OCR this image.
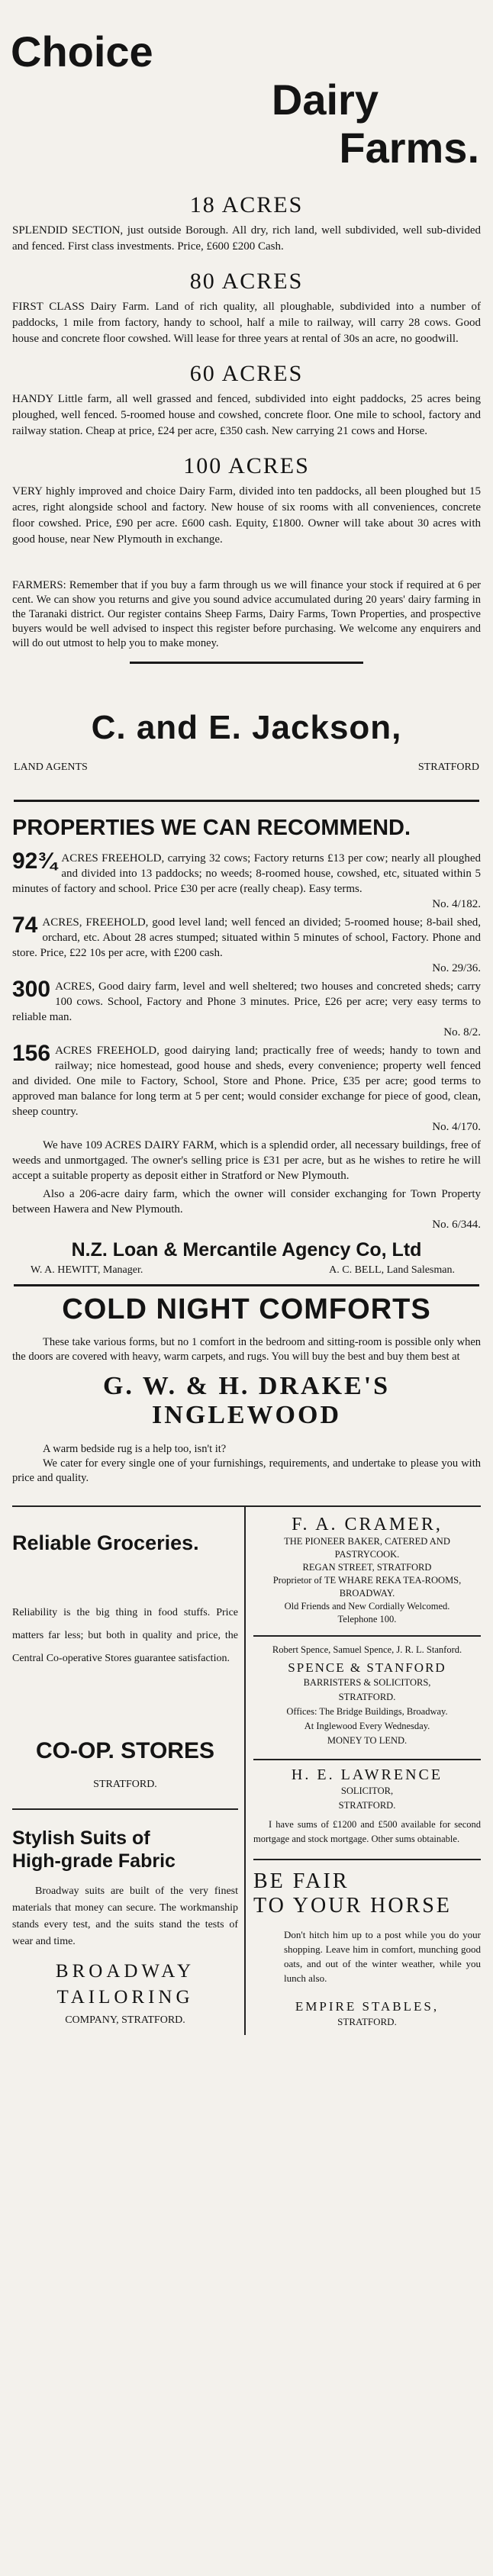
Choice
Dairy
Farms.
18 ACRES

SPLENDID SECTION, just outside Borough. All dry, rich land, well subdivided, well sub-divided and fenced. First class investments. Price, £600 £200 Cash.

80 ACRES

FIRST CLASS Dairy Farm. Land of rich quality, all ploughable, subdivided into a number of paddocks, 1 mile from factory, handy to school, half a mile to railway, will carry 28 cows. Good house and concrete floor cowshed. Will lease for three years at rental of 30s an acre, no goodwill.

60 ACRES

HANDY Little farm, all well grassed and fenced, subdivided into eight paddocks, 25 acres being ploughed, well fenced. 5-roomed house and cowshed, concrete floor. One mile to school, factory and railway station. Cheap at price, £24 per acre, £350 cash. New carrying 21 cows and Horse.

100 ACRES

VERY highly improved and choice Dairy Farm, divided into ten paddocks, all been ploughed but 15 acres, right alongside school and factory. New house of six rooms with all conveniences, concrete floor cowshed. Price, £90 per acre. £600 cash. Equity, £1800. Owner will take about 30 acres with good house, near New Plymouth in exchange.

FARMERS: Remember that if you buy a farm through us we will finance your stock if required at 6 per cent. We can show you returns and give you sound advice accumulated during 20 years' dairy farming in the Taranaki district. Our register contains Sheep Farms, Dairy Farms, Town Properties, and prospective buyers would be well advised to inspect this register before purchasing. We welcome any enquirers and will do out utmost to help you to make money.

C. and E. Jackson,
LAND AGENTS	STRATFORD
PROPERTIES WE CAN RECOMMEND.
92¾ ACRES FREEHOLD, carrying 32 cows; Factory returns £13 per cow; nearly all ploughed and divided into 13 paddocks; no weeds; 8-roomed house, cowshed, etc, situated within 5 minutes of factory and school. Price £30 per acre (really cheap). Easy terms.
No. 4/182.
74 ACRES, FREEHOLD, good level land; well fenced an divided; 5-roomed house; 8-bail shed, orchard, etc. About 28 acres stumped; situated within 5 minutes of school, Factory. Phone and store. Price, £22 10s per acre, with £200 cash.
No. 29/36.
300 ACRES, Good dairy farm, level and well sheltered; two houses and concreted sheds; carry 100 cows. School, Factory and Phone 3 minutes. Price, £26 per acre; very easy terms to reliable man.
No. 8/2.
156 ACRES FREEHOLD, good dairying land; practically free of weeds; handy to town and railway; nice homestead, good house and sheds, every convenience; property well fenced and divided. One mile to Factory, School, Store and Phone. Price, £35 per acre; good terms to approved man balance for long term at 5 per cent; would consider exchange for piece of good, clean, sheep country.
No. 4/170.

We have 109 ACRES DAIRY FARM, which is a splendid order, all necessary buildings, free of weeds and unmortgaged. The owner's selling price is £31 per acre, but as he wishes to retire he will accept a suitable property as deposit either in Stratford or New Plymouth.

Also a 206-acre dairy farm, which the owner will consider exchanging for Town Property between Hawera and New Plymouth.

No. 6/344.
N.Z. Loan & Mercantile Agency Co, Ltd
W. A. HEWITT, Manager.	A. C. BELL, Land Salesman.
COLD NIGHT COMFORTS

These take various forms, but no 1 comfort in the bedroom and sitting-room is possible only when the doors are covered with heavy, warm carpets, and rugs. You will buy the best and buy them best at

G. W. & H. DRAKE'S
INGLEWOOD

A warm bedside rug is a help too, isn't it?

We cater for every single one of your furnishings, requirements, and undertake to please you with price and quality.

Reliable Groceries.

Reliability is the big thing in food stuffs. Price matters far less; but both in quality and price, the Central Co-operative Stores guarantee satisfaction.

CO-OP. STORES
STRATFORD.
Stylish Suits of
High-grade Fabric

Broadway suits are built of the very finest materials that money can secure. The workmanship stands every test, and the suits stand the tests of wear and time.

BROADWAY
TAILORING
COMPANY, STRATFORD.
F. A. CRAMER,
THE PIONEER BAKER, CATERED AND PASTRYCOOK.
REGAN STREET, STRATFORD
Proprietor of TE WHARE REKA TEA-ROOMS, BROADWAY.
Old Friends and New Cordially Welcomed.
Telephone 100.
Robert Spence, Samuel Spence, J. R. L. Stanford.
SPENCE & STANFORD
BARRISTERS & SOLICITORS,
STRATFORD.
Offices: The Bridge Buildings, Broadway.
At Inglewood Every Wednesday.
MONEY TO LEND.
H. E. LAWRENCE
SOLICITOR,
STRATFORD.

I have sums of £1200 and £500 available for second mortgage and stock mortgage. Other sums obtainable.

BE FAIR
TO YOUR HORSE

Don't hitch him up to a post while you do your shopping. Leave him in comfort, munching good oats, and out of the winter weather, while you lunch also.

EMPIRE STABLES,
STRATFORD.
